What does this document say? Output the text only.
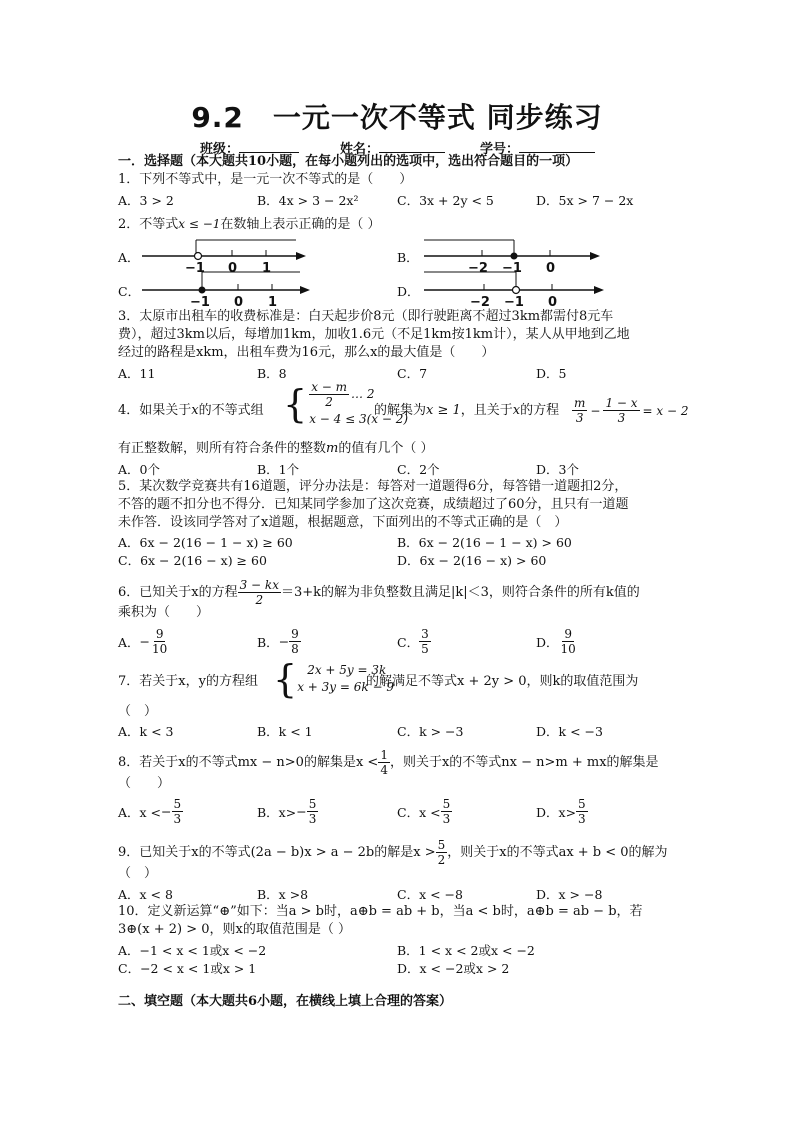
9.2　一元一次不等式 同步练习
班级：	姓名：	学号：
一．选择题（本大题共10小题，在每小题列出的选项中，选出符合题目的一项）
1．下列不等式中，是一元一次不等式的是（　　）
A．3 > 2	B．4x > 3 − 2x²	C．3x + 2y < 5	D．5x > 7 − 2x
2．不等式x ≤ −1在数轴上表示正确的是（ ）
A．
−1 0 1
B．
−2 −1 0
C．
−1 0 1
D．
−2 −1 0
3．太原市出租车的收费标准是：白天起步价8元（即行驶距离不超过3km都需付8元车
费），超过3km以后，每增加1km，加收1.6元（不足1km按1km计），某人从甲地到乙地
经过的路程是xkm，出租车费为16元，那么x的最大值是（　　）
A．11	B．8	C．7	D．5
4．如果关于x的不等式组 { $\frac{x - m}{2}$ … 2
x − 4 ≤ 3(x − 2)
的解集为x ≥ 1，且关于x的方程 $\frac{m}{3} - \frac{1 - x}{3} = x - 2$
有正整数解，则所有符合条件的整数m的值有几个（ ）
A．0个	B．1个	C．2个	D．3个
5．某次数学竞赛共有16道题，评分办法是：每答对一道题得6分，每答错一道题扣2分，
不答的题不扣分也不得分．已知某同学参加了这次竞赛，成绩超过了60分，且只有一道题
未作答．设该同学答对了x道题，根据题意，下面列出的不等式正确的是（　）
A．6x − 2(16 − 1 − x) ≥ 60	B．6x − 2(16 − 1 − x) > 60
C．6x − 2(16 − x) ≥ 60	D．6x − 2(16 − x) > 60
6．已知关于x的方程 $\frac{3 - kx}{2} =3+k$的解为非负整数且满足|k|＜3，则符合条件的所有k值的
乘积为（　　）
A． − $\frac{9}{10}$	B． − $\frac{9}{8}$	C． $\frac{3}{5}$	D． $\frac{9}{10}$
7．若关于x，y的方程组 { 2x + 5y = 3k
x + 3y = 6k − 9
的解满足不等式x + 2y > 0，则k的取值范围为
（　）
A．k < 3	B．k < 1	C．k > −3	D．k < −3
8．若关于x的不等式mx − n>0的解集是$x < \frac{1}{4}$ ，则关于x的不等式nx − n>m + mx的解集是
（　　）
A．x < − $\frac{5}{3}$	B．$x> - \frac{5}{3}$	C．$x < \frac{5}{3}$	D．$x> \frac{5}{3}$
9．已知关于x的不等式(2a − b)x > a − 2b的解是$x > \frac{5}{2}$ ，则关于x的不等式ax + b < 0的解为
（　）
A．x < 8	B．x >8	C．x < −8	D．x > −8
10．定义新运算“⊕”如下：当a > b时，a⊕b = ab + b，当a < b时，a⊕b = ab − b，若
3⊕(x + 2) > 0，则x的取值范围是（ ）
A．−1 < x < 1或x < −2	B．1 < x < 2或x < −2
C．−2 < x < 1或x > 1	D．x < −2或x > 2
二、填空题（本大题共6小题，在横线上填上合理的答案）
